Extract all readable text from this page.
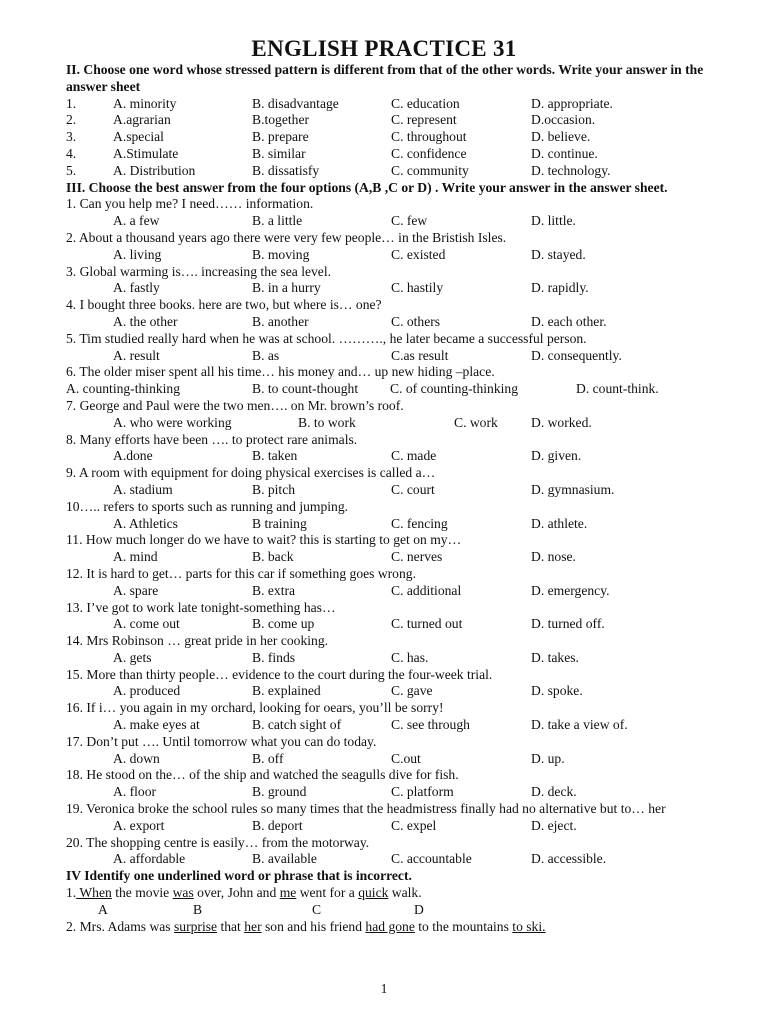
ENGLISH PRACTICE 31
II. Choose one word whose stressed pattern is different from that of the other words. Write your answer in the answer sheet
1.	A. minority	B. disadvantage	C. education	D. appropriate.
2.	A.agrarian	B.together	C. represent	D.occasion.
3.	A.special	B. prepare	C. throughout	D. believe.
4.	A.Stimulate	B. similar	C. confidence	D. continue.
5.	A. Distribution	B. dissatisfy	C. community	D. technology.
III. Choose the best answer from the four options (A,B ,C or D) . Write your answer in the answer sheet.
1. Can you help me? I need…… information.
A. a few	B. a little	C. few	D. little.
2. About a thousand years ago there were very few people… in the Bristish Isles.
A. living	B. moving	C. existed	D. stayed.
3. Global warming is…. increasing the sea level.
A. fastly	B. in a hurry	C. hastily	D. rapidly.
4. I bought three books. here are two, but where is… one?
A. the other	B. another	C. others	D. each other.
5. Tim studied really hard when he was at school. ………., he later became a successful person.
A. result	B. as	C.as result	D. consequently.
6. The older miser spent all his time… his money and… up new hiding –place.
A. counting-thinking	B. to count-thought C. of counting-thinking	D. count-think.
7. George and Paul were the two men…. on Mr. brown’s roof.
A. who were working	B. to work	C. work D. worked.
8. Many efforts have been …. to protect rare animals.
A.done	B. taken	C. made	D. given.
9. A room with equipment for doing physical exercises is called a…
A. stadium	B. pitch	C. court	D. gymnasium.
10….. refers to sports such as running and jumping.
A. Athletics	B training	C. fencing	D. athlete.
11. How much longer do we have to wait? this is starting to get on my…
A. mind	B. back	C. nerves	D. nose.
12. It is hard to get… parts for this car if something goes wrong.
A. spare	B. extra	C. additional	D. emergency.
13. I’ve got to work late tonight-something has…
A. come out	B. come up	C. turned out	D. turned off.
14. Mrs Robinson … great pride in her cooking.
A. gets	B. finds	C. has.	D. takes.
15. More than thirty people… evidence to the court during the four-week trial.
A. produced	B. explained	C. gave	D. spoke.
16. If i… you again in my orchard, looking for oears, you’ll be sorry!
A. make eyes at	B. catch sight of	C. see through	D. take a view of.
17. Don’t put …. Until tomorrow what you can do today.
A. down	B. off	C.out	D. up.
18. He stood on the… of the ship and watched the seagulls dive for fish.
A. floor	B. ground	C. platform	D. deck.
19. Veronica broke the school rules so many times that the headmistress finally had no alternative but to… her
A. export	B. deport	C. expel	D. eject.
20. The shopping centre is easily… from the motorway.
A. affordable	B. available	C. accountable	D. accessible.
IV Identify one underlined word or phrase that is incorrect.
1. When the movie was over, John and me went for a quick walk.
A	B	C	D
2. Mrs. Adams was surprise that her son and his friend had gone to the mountains to ski.
1
